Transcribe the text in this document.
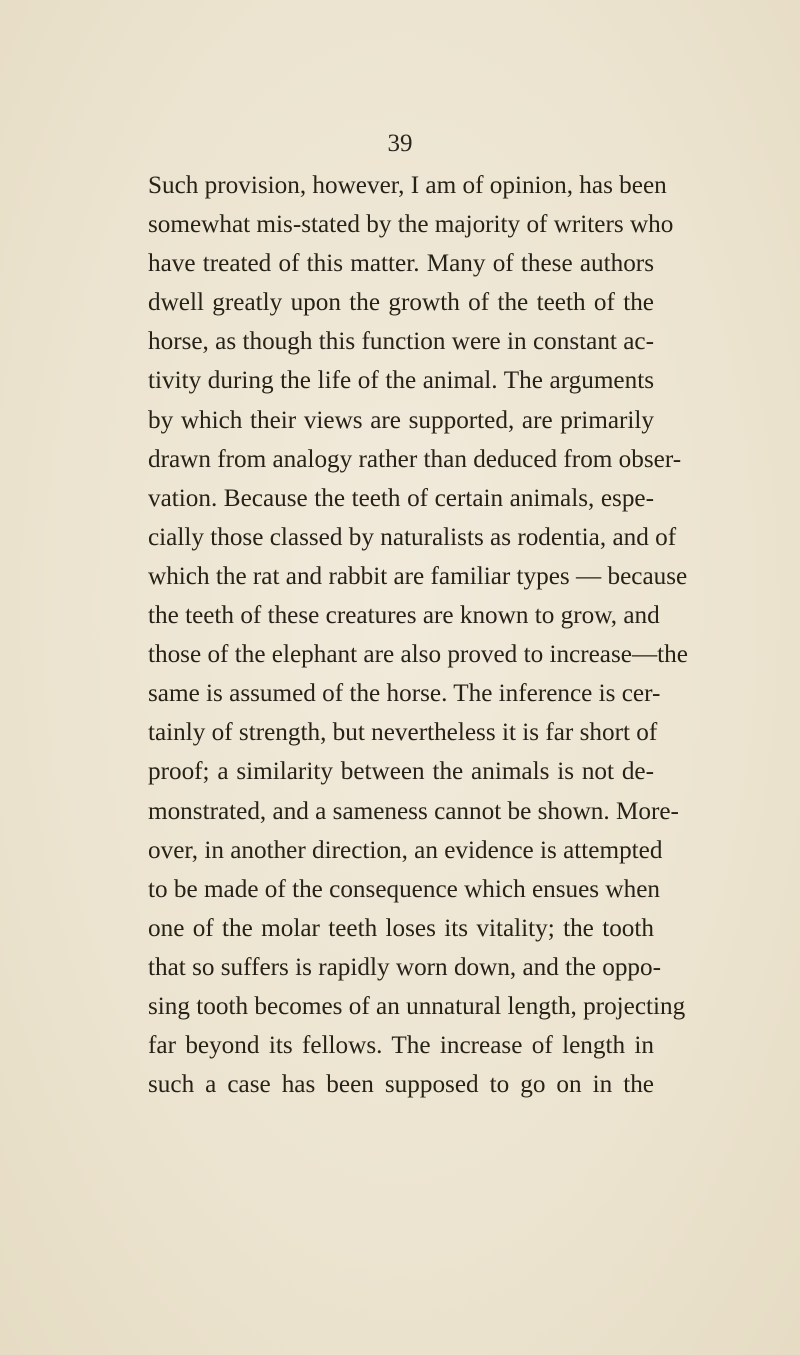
39
Such provision, however, I am of opinion, has been
somewhat mis-stated by the majority of writers who
have treated of this matter. Many of these authors
dwell greatly upon the growth of the teeth of the
horse, as though this function were in constant ac-
tivity during the life of the animal. The arguments
by which their views are supported, are primarily
drawn from analogy rather than deduced from obser-
vation. Because the teeth of certain animals, espe-
cially those classed by naturalists as rodentia, and of
which the rat and rabbit are familiar types — because
the teeth of these creatures are known to grow, and
those of the elephant are also proved to increase—the
same is assumed of the horse. The inference is cer-
tainly of strength, but nevertheless it is far short of
proof; a similarity between the animals is not de-
monstrated, and a sameness cannot be shown. More-
over, in another direction, an evidence is attempted
to be made of the consequence which ensues when
one of the molar teeth loses its vitality; the tooth
that so suffers is rapidly worn down, and the oppo-
sing tooth becomes of an unnatural length, projecting
far beyond its fellows. The increase of length in
such a case has been supposed to go on in the
